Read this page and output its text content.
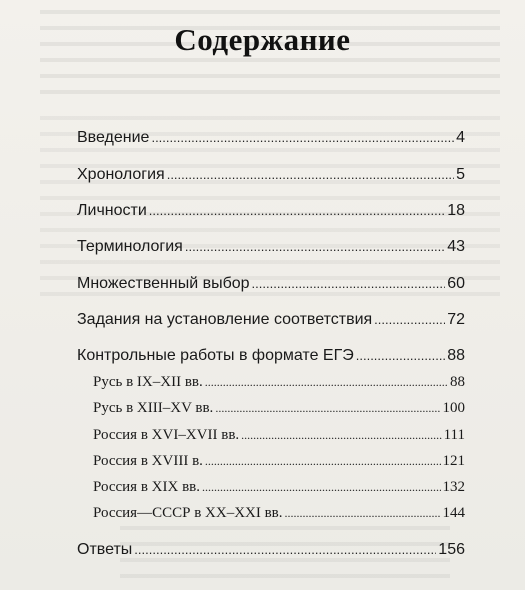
Содержание
Введение .....	4
Хронология .....	5
Личности .....	18
Терминология .....	43
Множественный выбор .....	60
Задания на установление соответствия .....	72
Контрольные работы в формате ЕГЭ .....	88
Русь в IX–XII вв. .....	88
Русь в XIII–XV вв. .....	100
Россия в XVI–XVII вв. .....	111
Россия в XVIII в. .....	121
Россия в XIX вв. .....	132
Россия—СССР в XX–XXI вв. .....	144
Ответы .....	156
